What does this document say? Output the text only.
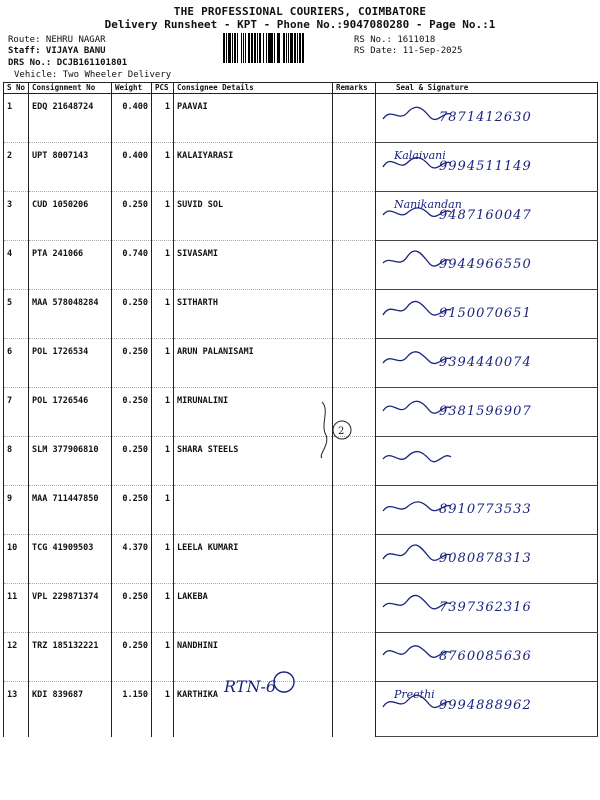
THE PROFESSIONAL COURIERS, COIMBATORE
Delivery Runsheet - KPT - Phone No.:9047080280 - Page No.:1
Route: NEHRU NAGAR
Staff: VIJAYA BANU
DRS No.: DCJB161101801
Vehicle: Two Wheeler Delivery
RS No.: 1611018
RS Date: 11-Sep-2025
S No	Consignment No	Weight	PCS	Consignee Details	Remarks	Seal & Signature
1	EDQ 21648724	0.400	1	PAAVAI		7871412630

2	UPT 8007143	0.400	1	KALAIYARASI		Kalaivani
9994511149

3	CUD 1050206	0.250	1	SUVID SOL		Nanikandan
9487160047

4	PTA 241066	0.740	1	SIVASAMI		9944966550

5	MAA 578048284	0.250	1	SITHARTH		9150070651

6	POL 1726534	0.250	1	ARUN PALANISAMI		9394440074

7	POL 1726546	0.250	1	MIRUNALINI		9381596907

8	SLM 377906810	0.250	1	SHARA STEELS		

9	MAA 711447850	0.250	1			8910773533

10	TCG 41909503	4.370	1	LEELA KUMARI		9080878313

11	VPL 229871374	0.250	1	LAKEBA		7397362316

12	TRZ 185132221	0.250	1	NANDHINI		8760085636

13	KDI 839687	1.150	1	KARTHIKA		Preethi
9994888962
RTN-6
2
